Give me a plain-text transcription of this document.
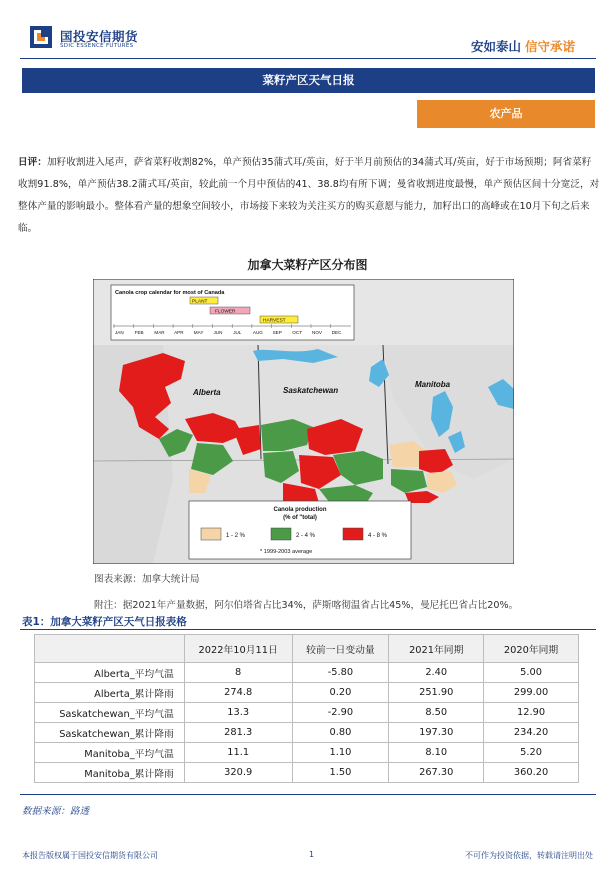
国投安信期货
SDIC ESSENCE FUTURES	安如泰山 信守承诺
菜籽产区天气日报
农产品
日评：加籽收割进入尾声，萨省菜籽收割82%，单产预估35蒲式耳/英亩，好于半月前预估的34蒲式耳/英亩，好于市场预期；阿省菜籽收割91.8%，单产预估38.2蒲式耳/英亩，较此前一个月中预估的41、38.8均有所下调；曼省收割进度最慢，单产预估区间十分宽泛，对整体产量的影响最小。整体看产量的想象空间较小，市场接下来较为关注买方的购买意愿与能力，加籽出口的高峰或在10月下旬之后来临。
加拿大菜籽产区分布图
Canola crop calendar for most of Canada
PLANT
FLOWER
HARVEST
JAN FEB MAR APR MAY JUN JUL	AUG SEP OCT NOV DEC
Alberta	Saskatchewan
Manitoba
Canola production
(% of "total)
1 - 2 %	2 - 4 %	4 - 8 %
* 1999-2003 average
图表来源：加拿大统计局
附注：据2021年产量数据，阿尔伯塔省占比34%，萨斯喀彻温省占比45%，曼尼托巴省占比20%。
表1：加拿大菜籽产区天气日报表格
	2022年10月11日	较前一日变动量	2021年同期	2020年同期
Alberta_平均气温	8	-5.80	2.40	5.00
Alberta_累计降雨	274.8	0.20	251.90	299.00
Saskatchewan_平均气温	13.3	-2.90	8.50	12.90
Saskatchewan_累计降雨	281.3	0.80	197.30	234.20
Manitoba_平均气温	11.1	1.10	8.10	5.20
Manitoba_累计降雨	320.9	1.50	267.30	360.20
数据来源：路透
本报告版权属于国投安信期货有限公司	1	不可作为投资依据，转载请注明出处
